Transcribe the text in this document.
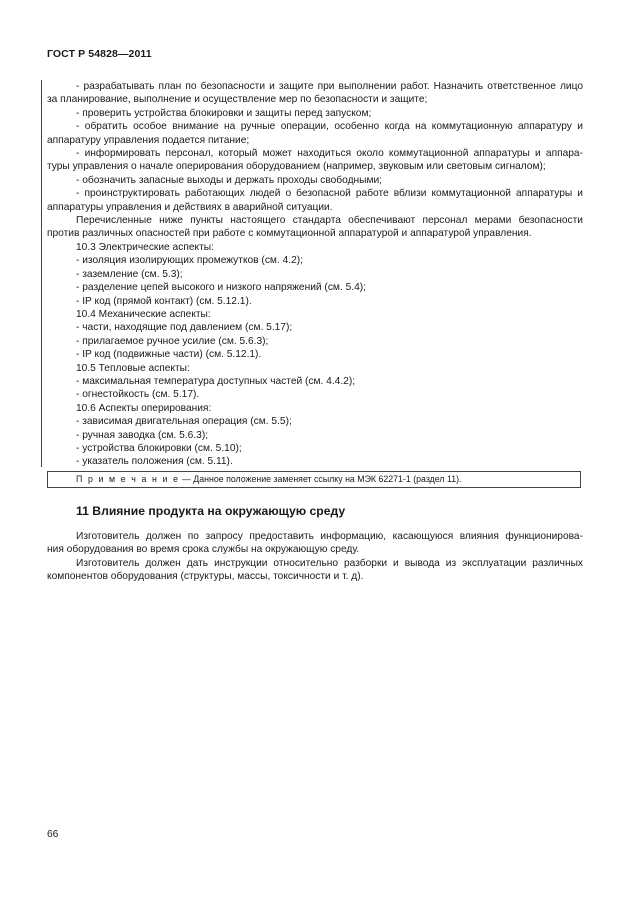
ГОСТ Р 54828—2011
- разрабатывать план по безопасности и защите при выполнении работ. Назначить ответственное лицо
за планирование, выполнение и осуществление мер по безопасности и защите;
- проверить устройства блокировки и защиты перед запуском;
- обратить особое внимание на ручные операции, особенно когда на коммутационную аппаратуру и
аппаратуру управления подается питание;
- информировать персонал, который может находиться около коммутационной аппаратуры и аппара-
туры управления о начале оперирования оборудованием (например, звуковым или световым сигналом);
- обозначить запасные выходы и держать проходы свободными;
- проинструктировать работающих людей о безопасной работе вблизи коммутационной аппаратуры и
аппаратуры управления и действиях в аварийной ситуации.
Перечисленные ниже пункты настоящего стандарта обеспечивают персонал мерами безопасности
против различных опасностей при работе с коммутационной аппаратурой и аппаратурой управления.
10.3 Электрические аспекты:
- изоляция изолирующих промежутков (см. 4.2);
- заземление (см. 5.3);
- разделение цепей высокого и низкого напряжений (см. 5.4);
- IP код (прямой контакт) (см. 5.12.1).
10.4 Механические аспекты:
- части, находящие под давлением (см. 5.17);
- прилагаемое ручное усилие (см. 5.6.3);
- IP код (подвижные части) (см. 5.12.1).
10.5 Тепловые аспекты:
- максимальная температура доступных частей (см. 4.4.2);
- огнестойкость (см. 5.17).
10.6 Аспекты оперирования:
- зависимая двигательная операция (см. 5.5);
- ручная заводка (см. 5.6.3);
- устройства блокировки (см. 5.10);
- указатель положения (см. 5.11).
П р и м е ч а н и е — Данное положение заменяет ссылку на МЭК 62271-1 (раздел 11).
11 Влияние продукта на окружающую среду
Изготовитель должен по запросу предоставить информацию, касающуюся влияния функционирова-
ния оборудования во время срока службы на окружающую среду.
Изготовитель должен дать инструкции относительно разборки и вывода из эксплуатации различных
компонентов оборудования (структуры, массы, токсичности и т. д).
66
